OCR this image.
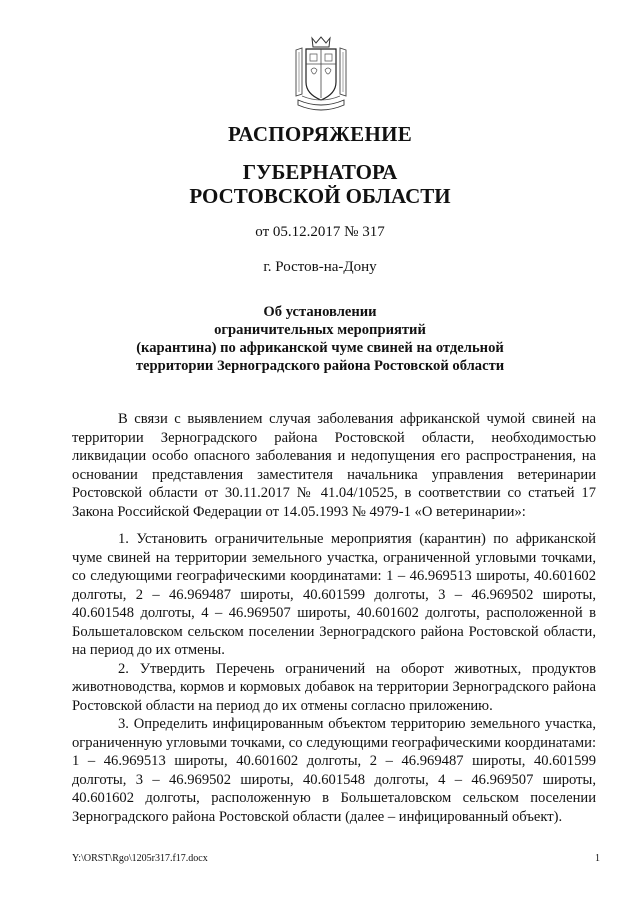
РАСПОРЯЖЕНИЕ
ГУБЕРНАТОРА
РОСТОВСКОЙ ОБЛАСТИ
от 05.12.2017 № 317
г. Ростов-на-Дону
Об установлении
ограничительных мероприятий
(карантина) по африканской чуме свиней на отдельной
территории Зерноградского района Ростовской области

В связи с выявлением случая заболевания африканской чумой свиней на территории Зерноградского района Ростовской области, необходимостью ликвидации особо опасного заболевания и недопущения его распространения, на основании представления заместителя начальника управления ветеринарии Ростовской области от 30.11.2017 № 41.04/10525, в соответствии со статьей 17 Закона Российской Федерации от 14.05.1993 № 4979-1 «О ветеринарии»:

1. Установить ограничительные мероприятия (карантин) по африканской чуме свиней на территории земельного участка, ограниченной угловыми точками, со следующими географическими координатами: 1 – 46.969513 широты, 40.601602 долготы, 2 – 46.969487 широты, 40.601599 долготы, 3 – 46.969502 широты, 40.601548 долготы, 4 – 46.969507 широты, 40.601602 долготы, расположенной в Большеталовском сельском поселении Зерноградского района Ростовской области, на период до их отмены.

2. Утвердить Перечень ограничений на оборот животных, продуктов животноводства, кормов и кормовых добавок на территории Зерноградского района Ростовской области на период до их отмены согласно приложению.

3. Определить инфицированным объектом территорию земельного участка, ограниченную угловыми точками, со следующими географическими координатами: 1 – 46.969513 широты, 40.601602 долготы, 2 – 46.969487 широты, 40.601599 долготы, 3 – 46.969502 широты, 40.601548 долготы, 4 – 46.969507 широты, 40.601602 долготы, расположенную в Большеталовском сельском поселении Зерноградского района Ростовской области (далее – инфицированный объект).

Y:\ORST\Rgo\1205r317.f17.docx	1
